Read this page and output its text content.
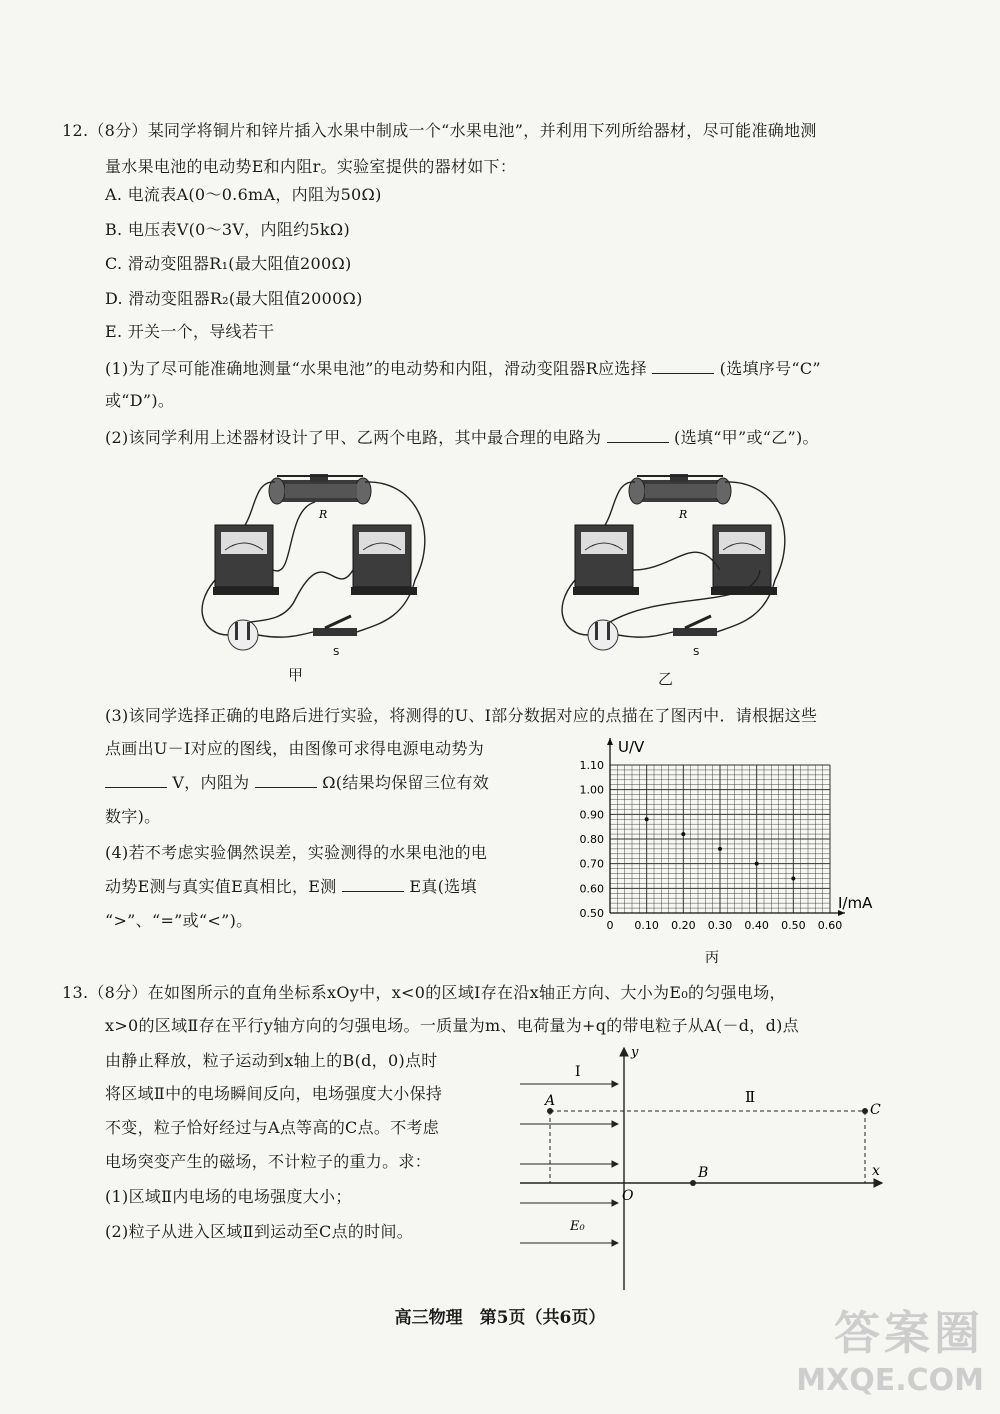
12.（8分）某同学将铜片和锌片插入水果中制成一个“水果电池”，并利用下列所给器材，尽可能准确地测
量水果电池的电动势E和内阻r。实验室提供的器材如下：
A. 电流表A(0～0.6mA，内阻为50Ω)
B. 电压表V(0～3V，内阻约5kΩ)
C. 滑动变阻器R₁(最大阻值200Ω)
D. 滑动变阻器R₂(最大阻值2000Ω)
E. 开关一个，导线若干
(1)为了尽可能准确地测量“水果电池”的电动势和内阻，滑动变阻器R应选择	(选填序号“C”
或“D”)。
(2)该同学利用上述器材设计了甲、乙两个电路，其中最合理的电路为	(选填“甲”或“乙”)。
R
S
甲
R
S
乙
(3)该同学选择正确的电路后进行实验，将测得的U、I部分数据对应的点描在了图丙中．请根据这些
点画出U－I对应的图线，由图像可求得电源电动势为
V，内阻为	Ω(结果均保留三位有效
数字)。
(4)若不考虑实验偶然误差，实验测得的水果电池的电
动势E测与真实值E真相比，E测	E真(选填
“>”、“=”或“<”)。	0 0.10 0.20 0.30 0.40 0.50 0.60
0.50
0.60
0.70
0.80
0.90
1.00
1.10
U/V
I/mA
丙
13.（8分）在如图所示的直角坐标系xOy中，x<0的区域Ⅰ存在沿x轴正方向、大小为E₀的匀强电场，
x>0的区域Ⅱ存在平行y轴方向的匀强电场。一质量为m、电荷量为+q的带电粒子从A(－d，d)点
由静止释放，粒子运动到x轴上的B(d，0)点时
将区域Ⅱ中的电场瞬间反向，电场强度大小保持
不变，粒子恰好经过与A点等高的C点。不考虑
电场突变产生的磁场，不计粒子的重力。求：
(1)区域Ⅱ内电场的电场强度大小；
(2)粒子从进入区域Ⅱ到运动至C点的时间。
y
x
O
Ⅰ
Ⅱ
E₀
A
B
C
高三物理　第5页（共6页）	答案圈
MXQE.COM
